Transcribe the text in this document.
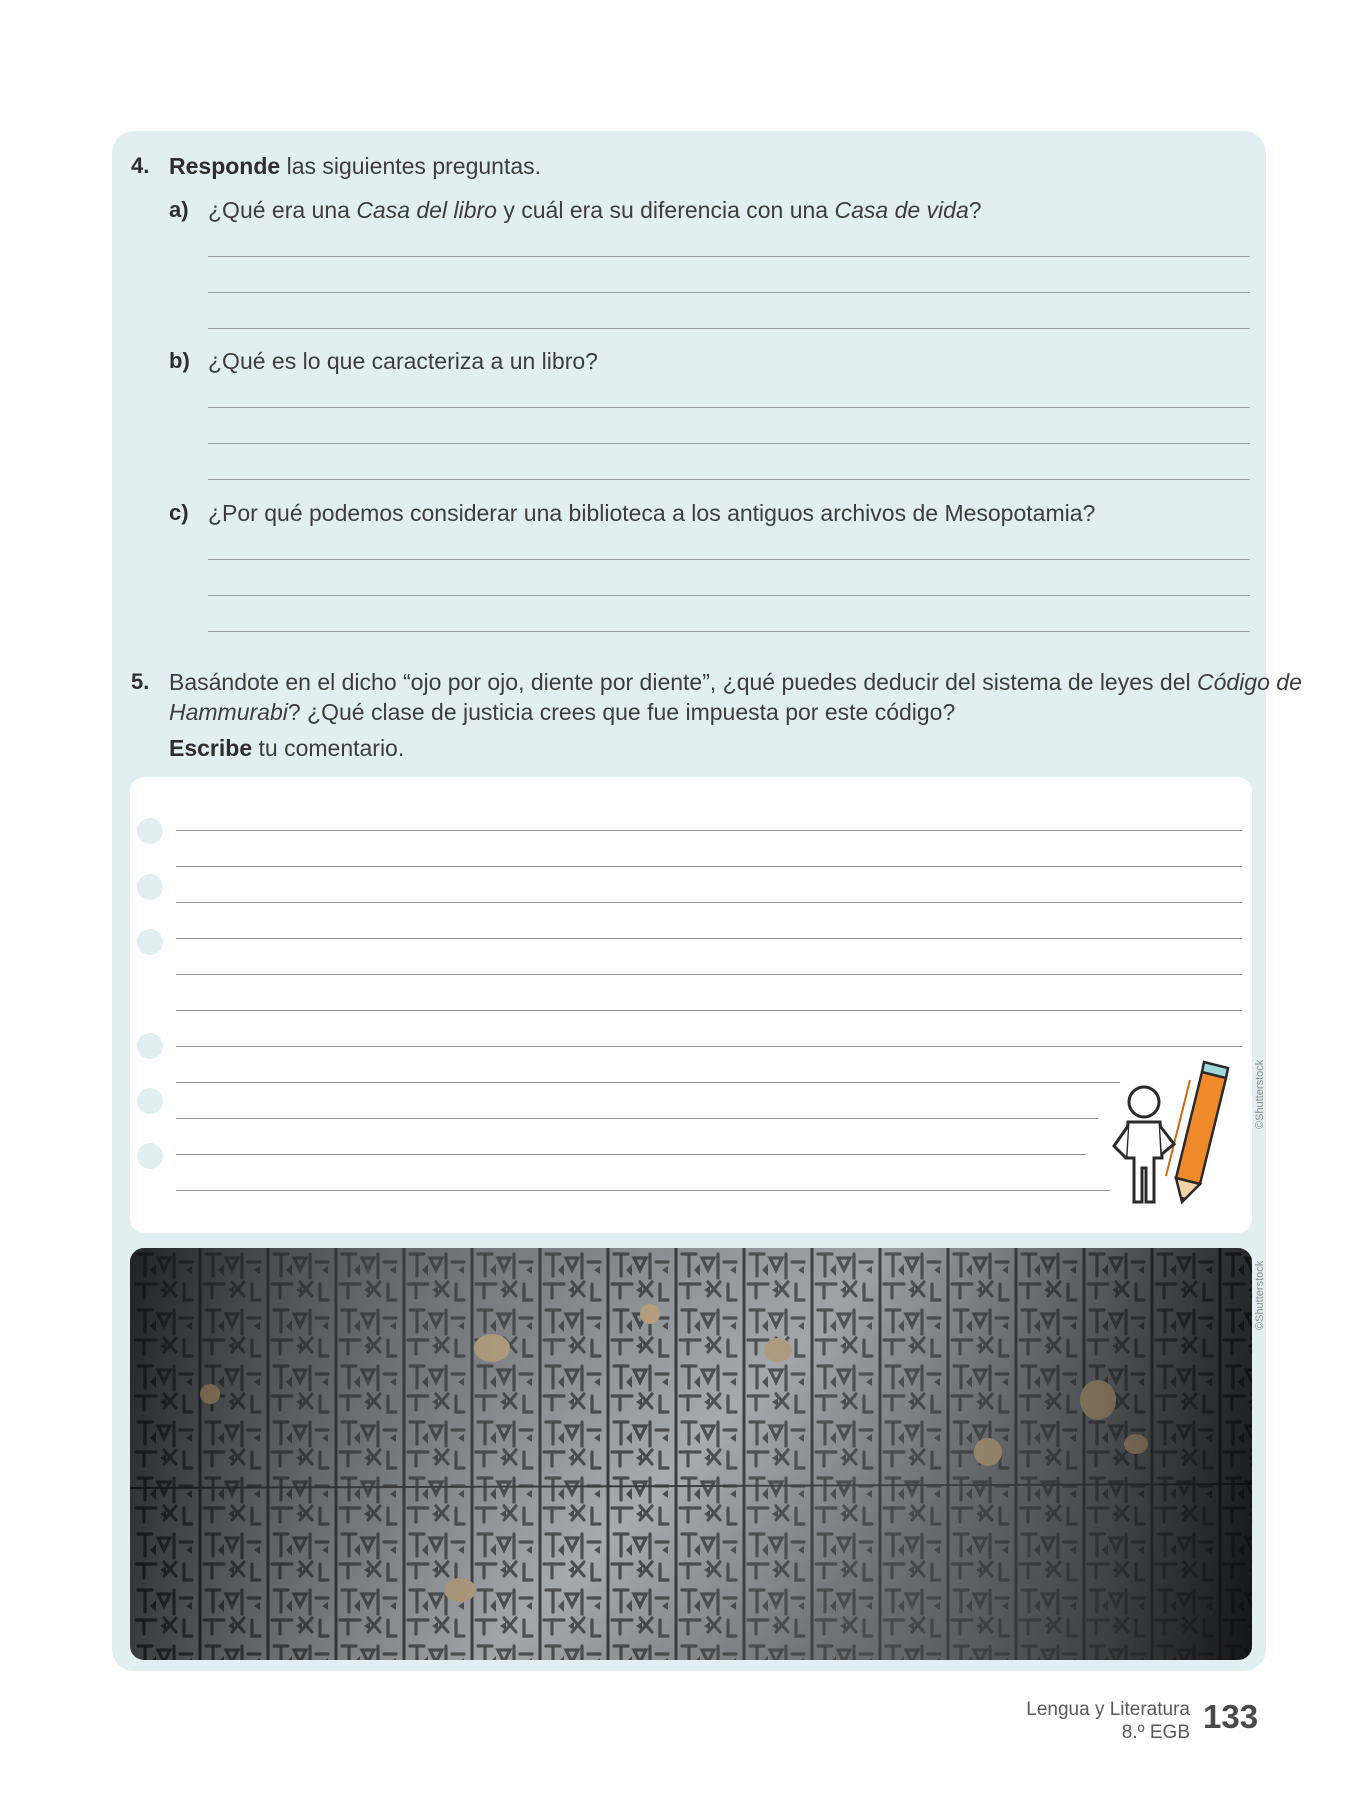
4. Responde las siguientes preguntas.
a) ¿Qué era una Casa del libro y cuál era su diferencia con una Casa de vida?
b) ¿Qué es lo que caracteriza a un libro?
c) ¿Por qué podemos considerar una biblioteca a los antiguos archivos de Mesopotamia?
5. Basándote en el dicho “ojo por ojo, diente por diente”, ¿qué puedes deducir del sistema de leyes del Código de
Hammurabi? ¿Qué clase de justicia crees que fue impuesta por este código?
Escribe tu comentario.
©Shutterstock
©Shutterstock
Lengua y Literatura
8.º EGB 133
